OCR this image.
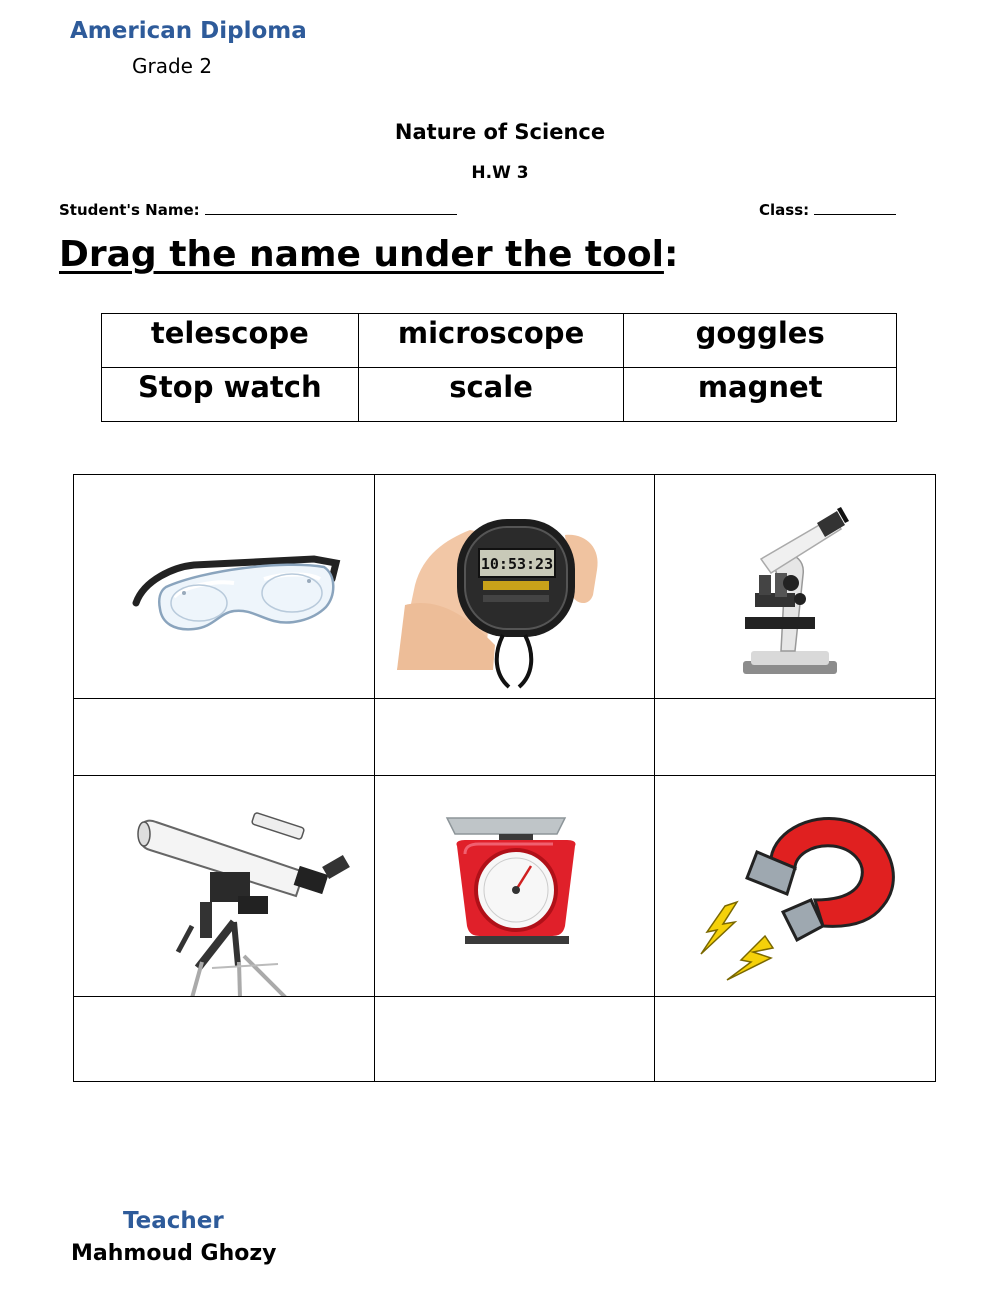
American Diploma
Grade 2
Nature of Science
H.W 3
Student's Name:	Class:
Drag the name under the tool:
telescope	microscope	goggles
Stop watch	scale	magnet

10:53:23

Teacher
Mahmoud Ghozy
